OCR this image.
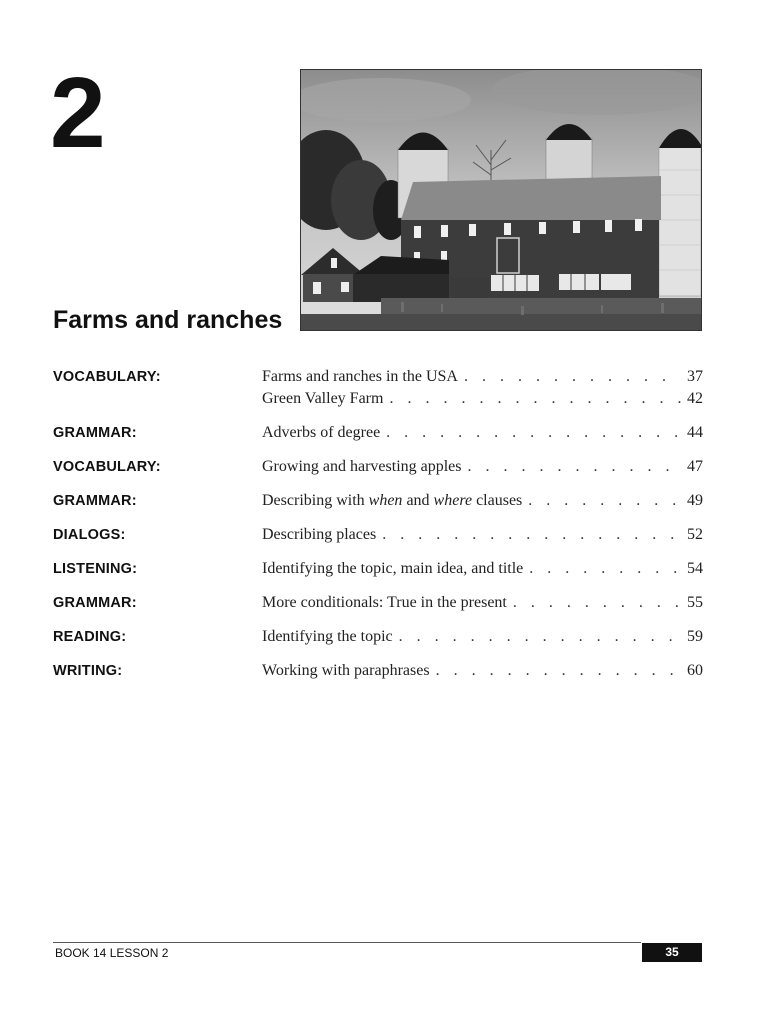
2
Farms and ranches
VOCABULARY:	Farms and ranches in the USA . . .	37
Green Valley Farm . . .	42
GRAMMAR:	Adverbs of degree . . .	44
VOCABULARY:	Growing and harvesting apples . . .	47
GRAMMAR:	Describing with when and where clauses . . .	49
DIALOGS:	Describing places . . .	52
LISTENING:	Identifying the topic, main idea, and title . . .	54
GRAMMAR:	More conditionals: True in the present . . .	55
READING:	Identifying the topic . . .	59
WRITING:	Working with paraphrases . . .	60
BOOK 14 LESSON 2	35
